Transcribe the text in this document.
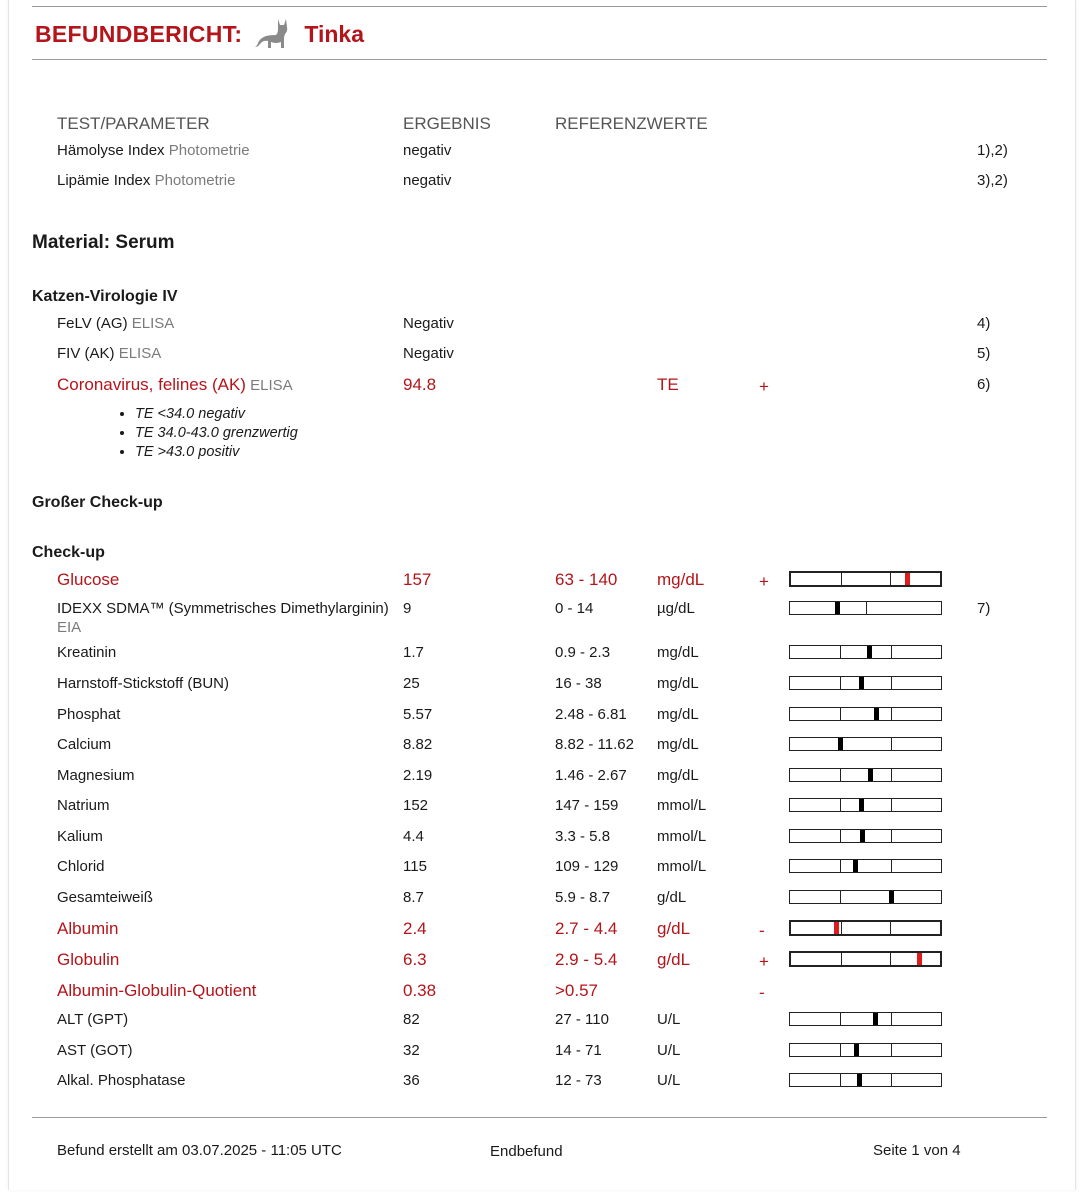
BEFUNDBERICHT:	Tinka
TEST/PARAMETER	ERGEBNIS	REFERENZWERTE
Hämolyse Index Photometrie	negativ	1),2)
Lipämie Index Photometrie	negativ	3),2)
Material: Serum
Katzen-Virologie IV
FeLV (AG) ELISA	Negativ	4)
FIV (AK) ELISA	Negativ	5)
Coronavirus, felines (AK) ELISA	94.8	TE	+	6)
• TE <34.0 negativ
• TE 34.0-43.0 grenzwertig
• TE >43.0 positiv
Großer Check-up
Check-up
Glucose	157	63 - 140 mg/dL	+
IDEXX SDMA™ (Symmetrisches Dimethylarginin)
EIA
9	0 - 14	µg/dL	7)
Kreatinin	1.7	0.9 - 2.3	mg/dL
Harnstoff-Stickstoff (BUN)	25	16 - 38	mg/dL
Phosphat	5.57	2.48 - 6.81 mg/dL
Calcium	8.82	8.82 - 11.62 mg/dL
Magnesium	2.19	1.46 - 2.67 mg/dL
Natrium	152	147 - 159	mmol/L
Kalium	4.4	3.3 - 5.8	mmol/L
Chlorid	115	109 - 129	mmol/L
Gesamteiweiß	8.7	5.9 - 8.7	g/dL
Albumin	2.4	2.7 - 4.4 g/dL	-
Globulin	6.3	2.9 - 5.4 g/dL	+
Albumin-Globulin-Quotient	0.38	>0.57	-
ALT (GPT)	82	27 - 110	U/L
AST (GOT)	32	14 - 71	U/L
Alkal. Phosphatase	36	12 - 73	U/L
Befund erstellt am 03.07.2025 - 11:05 UTC	Endbefund	Seite 1 von 4
